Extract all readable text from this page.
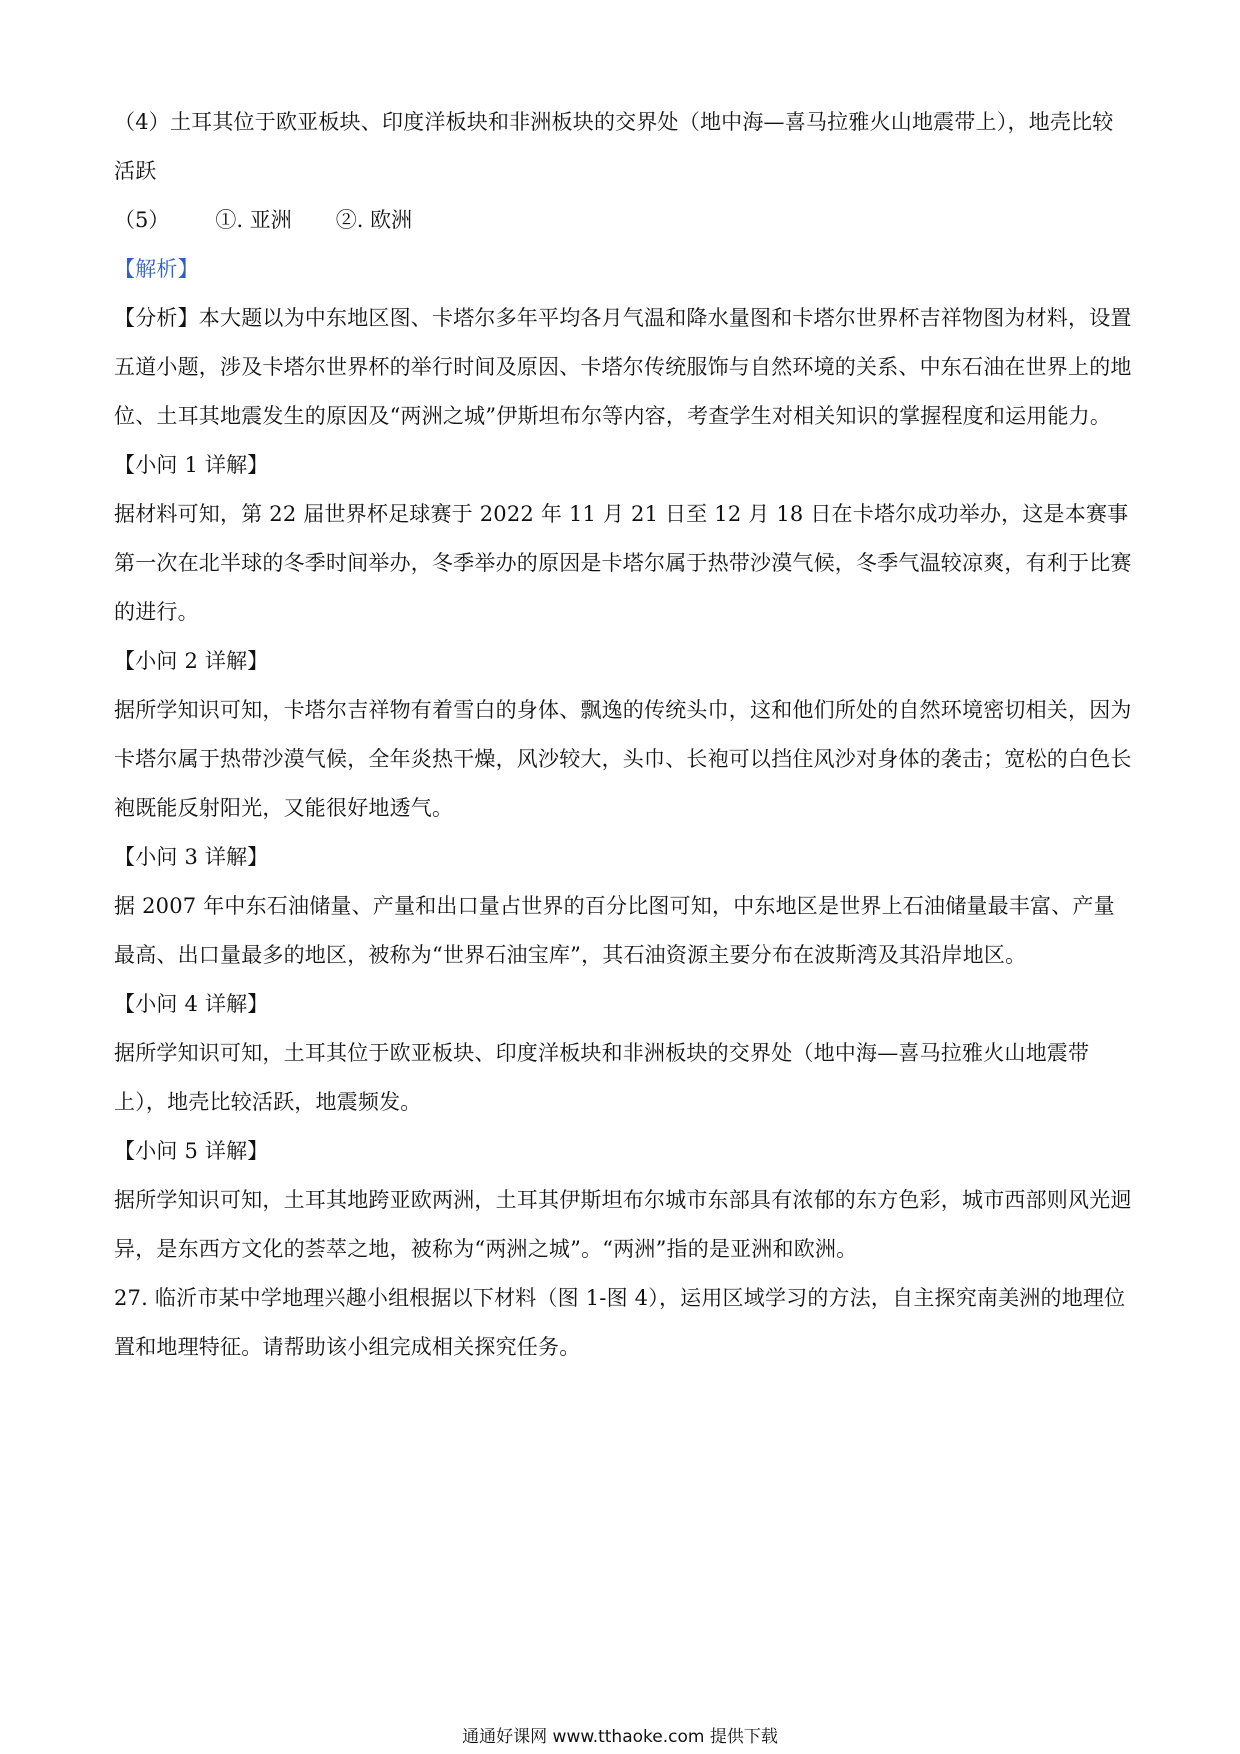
（4）土耳其位于欧亚板块、印度洋板块和非洲板块的交界处（地中海—喜马拉雅火山地震带上），地壳比较活跃

（5） ①. 亚洲 ②. 欧洲

【解析】

【分析】本大题以为中东地区图、卡塔尔多年平均各月气温和降水量图和卡塔尔世界杯吉祥物图为材料，设置五道小题，涉及卡塔尔世界杯的举行时间及原因、卡塔尔传统服饰与自然环境的关系、中东石油在世界上的地位、土耳其地震发生的原因及“两洲之城”伊斯坦布尔等内容，考查学生对相关知识的掌握程度和运用能力。

【小问 1 详解】

据材料可知，第 22 届世界杯足球赛于 2022 年 11 月 21 日至 12 月 18 日在卡塔尔成功举办，这是本赛事第一次在北半球的冬季时间举办，冬季举办的原因是卡塔尔属于热带沙漠气候，冬季气温较凉爽，有利于比赛的进行。

【小问 2 详解】

据所学知识可知，卡塔尔吉祥物有着雪白的身体、飘逸的传统头巾，这和他们所处的自然环境密切相关，因为卡塔尔属于热带沙漠气候，全年炎热干燥，风沙较大，头巾、长袍可以挡住风沙对身体的袭击；宽松的白色长袍既能反射阳光，又能很好地透气。

【小问 3 详解】

据 2007 年中东石油储量、产量和出口量占世界的百分比图可知，中东地区是世界上石油储量最丰富、产量最高、出口量最多的地区，被称为“世界石油宝库”，其石油资源主要分布在波斯湾及其沿岸地区。

【小问 4 详解】

据所学知识可知，土耳其位于欧亚板块、印度洋板块和非洲板块的交界处（地中海—喜马拉雅火山地震带上），地壳比较活跃，地震频发。

【小问 5 详解】

据所学知识可知，土耳其地跨亚欧两洲，土耳其伊斯坦布尔城市东部具有浓郁的东方色彩，城市西部则风光迥异，是东西方文化的荟萃之地，被称为“两洲之城”。“两洲”指的是亚洲和欧洲。

27. 临沂市某中学地理兴趣小组根据以下材料（图 1-图 4），运用区域学习的方法，自主探究南美洲的地理位置和地理特征。请帮助该小组完成相关探究任务。

通通好课网 www.tthaoke.com 提供下载
